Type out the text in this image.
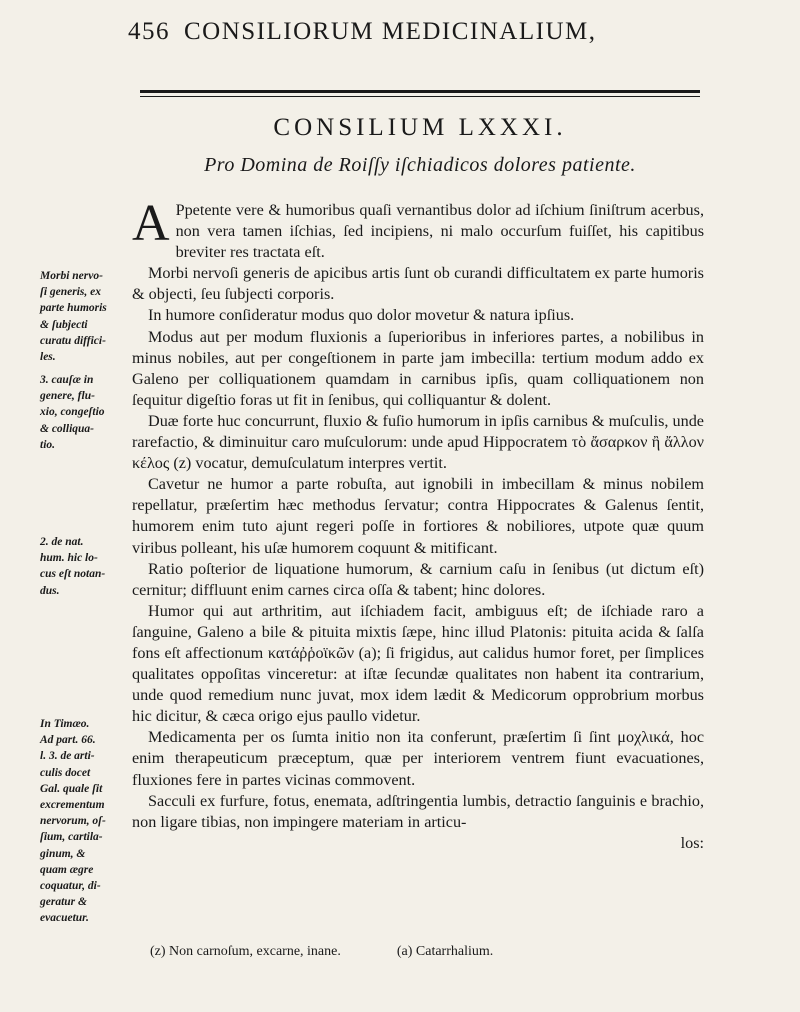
456 CONSILIORUM MEDICINALIUM,
CONSILIUM LXXXI.
Pro Domina de Roiſſy iſchiadicos dolores patiente.

A Ppetente vere & humoribus quaſi vernantibus dolor ad iſchium ſiniſtrum acerbus, non vera tamen iſchias, ſed incipiens, ni malo occurſum fuiſſet, his capitibus breviter res tractata eſt.

Morbi nervoſi generis de apicibus artis ſunt ob curandi difficultatem ex parte humoris & objecti, ſeu ſubjecti corporis.

In humore conſideratur modus quo dolor movetur & natura ipſius.

Modus aut per modum fluxionis a ſuperioribus in inferiores partes, a nobilibus in minus nobiles, aut per congeſtionem in parte jam imbecilla: tertium modum addo ex Galeno per colliquationem quamdam in carnibus ipſis, quam colliquationem non ſequitur digeſtio foras ut fit in ſenibus, qui colliquantur & dolent.

Duæ forte huc concurrunt, fluxio & fuſio humorum in ipſis carnibus & muſculis, unde rarefactio, & diminuitur caro muſculorum: unde apud Hippocratem τὸ ἄσαρκον ἢ ἄλλον κέλος (z) vocatur, demuſculatum interpres vertit.

Cavetur ne humor a parte robuſta, aut ignobili in imbecillam & minus nobilem repellatur, præſertim hæc methodus ſervatur; contra Hippocrates & Galenus ſentit, humorem enim tuto ajunt regeri poſſe in fortiores & nobiliores, utpote quæ quum viribus polleant, his uſæ humorem coquunt & mitificant.

Ratio poſterior de liquatione humorum, & carnium caſu in ſenibus (ut dictum eſt) cernitur; diffluunt enim carnes circa oſſa & tabent; hinc dolores.

Humor qui aut arthritim, aut iſchiadem facit, ambiguus eſt; de iſchiade raro a ſanguine, Galeno a bile & pituita mixtis ſæpe, hinc illud Platonis: pituita acida & ſalſa fons eſt affectionum κατάῤῥοϊκῶν (a); ſi frigidus, aut calidus humor foret, per ſimplices qualitates oppoſitas vinceretur: at iſtæ ſecundæ qualitates non habent ita contrarium, unde quod remedium nunc juvat, mox idem lædit & Medicorum opprobrium morbus hic dicitur, & cæca origo ejus paullo videtur.

Medicamenta per os ſumta initio non ita conferunt, præſertim ſi ſint μοχλικά, hoc enim therapeuticum præceptum, quæ per interiorem ventrem fiunt evacuationes, fluxiones fere in partes vicinas commovent.

Sacculi ex furfure, fotus, enemata, adſtringentia lumbis, detractio ſanguinis e brachio, non ligare tibias, non impingere materiam in articu-

los:

Morbi nervo-
ſi generis, ex
parte humoris
& ſubjecti
curatu diffici-
les.
3. cauſæ in
genere, flu-
xio, congeſtio
& colliqua-
tio.
2. de nat.
hum. hic lo-
cus eſt notan-
dus.
In Timæo.
Ad part. 66.
l. 3. de arti-
culis docet
Gal. quale ſit
excrementum
nervorum, oſ-
ſium, cartila-
ginum, &
quam ægre
coquatur, di-
geratur &
evacuetur.
(z) Non carnoſum, excarne, inane.	(a) Catarrhalium.
